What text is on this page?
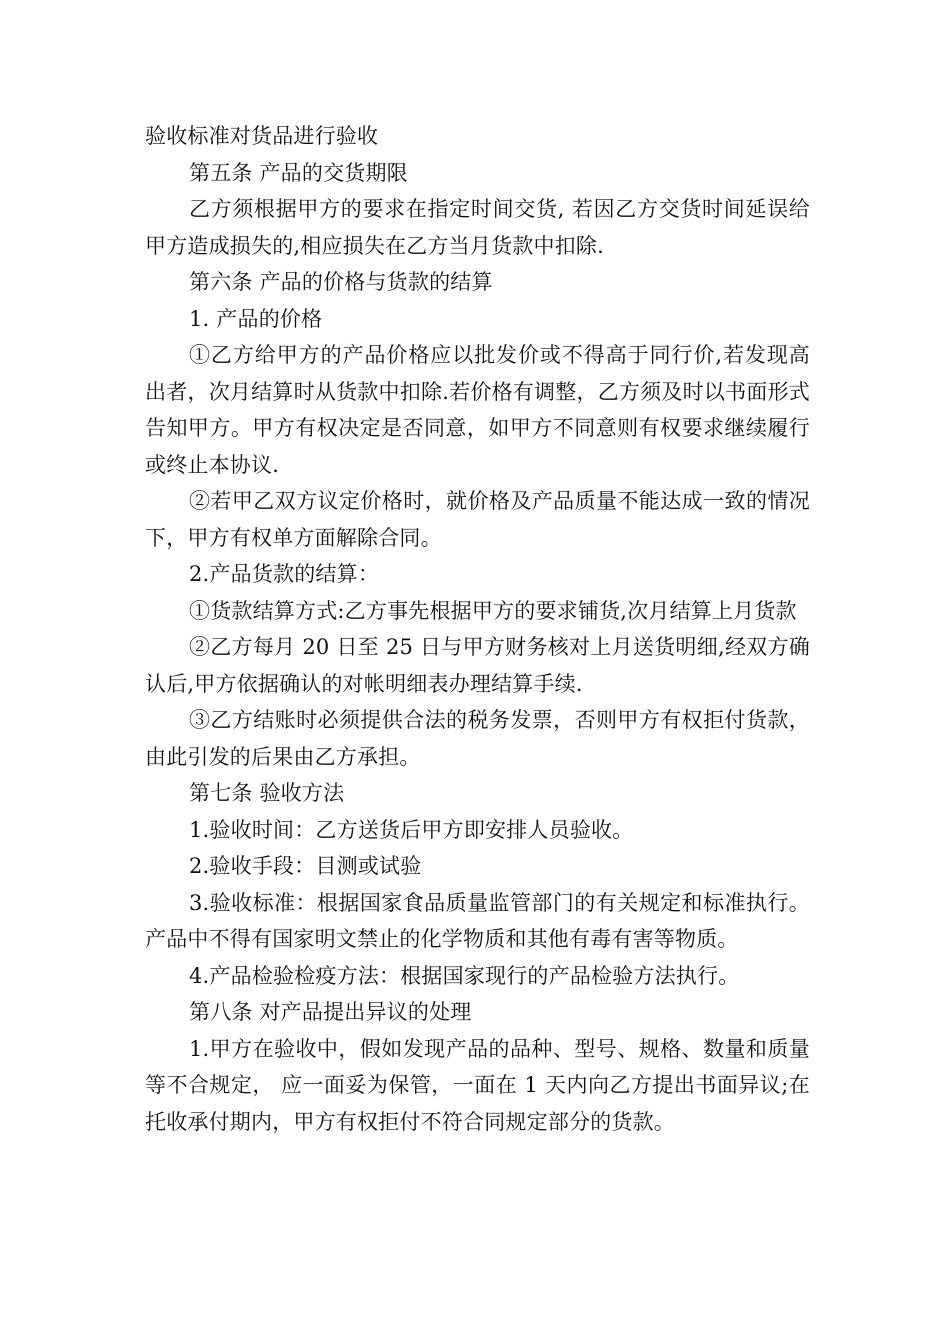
验收标准对货品进行验收

第五条 产品的交货期限

乙方须根据甲方的要求在指定时间交货, 若因乙方交货时间延误给甲方造成损失的,相应损失在乙方当月货款中扣除.

第六条 产品的价格与货款的结算

1. 产品的价格

①乙方给甲方的产品价格应以批发价或不得高于同行价,若发现高出者，次月结算时从货款中扣除.若价格有调整，乙方须及时以书面形式告知甲方。甲方有权决定是否同意，如甲方不同意则有权要求继续履行或终止本协议.

②若甲乙双方议定价格时，就价格及产品质量不能达成一致的情况下，甲方有权单方面解除合同。

2.产品货款的结算：

①货款结算方式:乙方事先根据甲方的要求铺货,次月结算上月货款

②乙方每月 20 日至 25 日与甲方财务核对上月送货明细,经双方确认后,甲方依据确认的对帐明细表办理结算手续.

③乙方结账时必须提供合法的税务发票，否则甲方有权拒付货款，由此引发的后果由乙方承担。

第七条 验收方法

1.验收时间：乙方送货后甲方即安排人员验收。

2.验收手段：目测或试验

3.验收标准：根据国家食品质量监管部门的有关规定和标准执行。产品中不得有国家明文禁止的化学物质和其他有毒有害等物质。

4.产品检验检疫方法：根据国家现行的产品检验方法执行。

第八条 对产品提出异议的处理

1.甲方在验收中，假如发现产品的品种、型号、规格、数量和质量等不合规定， 应一面妥为保管，一面在 1 天内向乙方提出书面异议;在托收承付期内，甲方有权拒付不符合同规定部分的货款。
